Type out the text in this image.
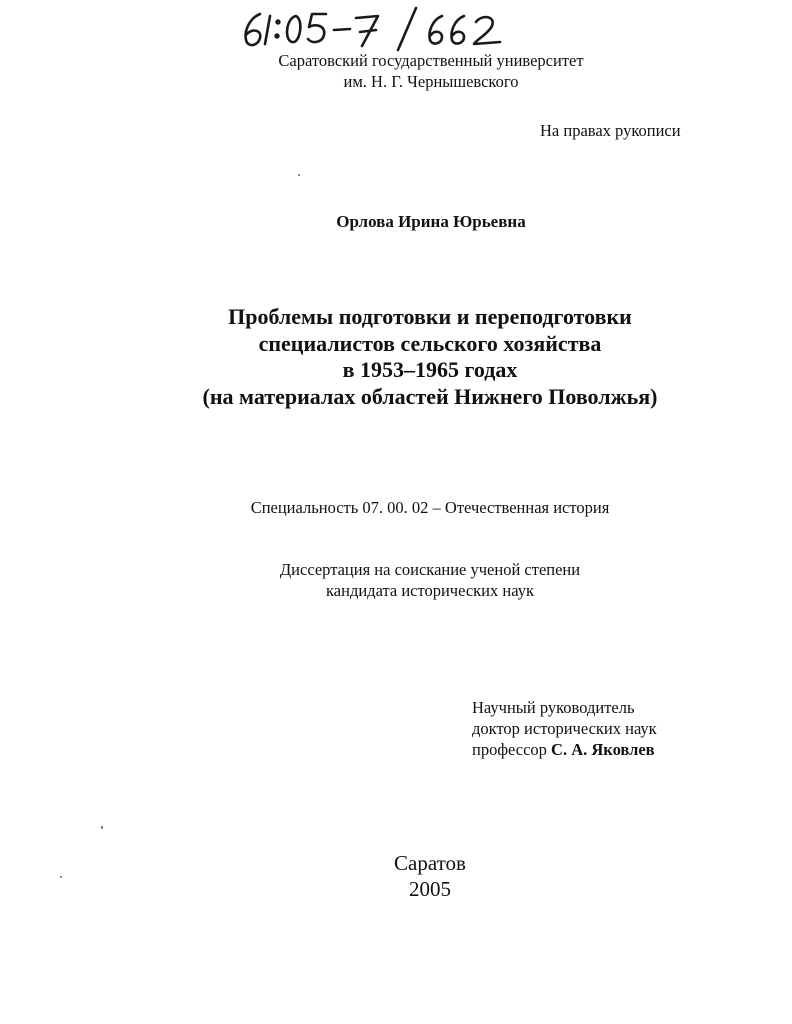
Саратовский государственный университет
им. Н. Г. Чернышевского
На правах рукописи
Орлова Ирина Юрьевна
Проблемы подготовки и переподготовки
специалистов сельского хозяйства
в 1953–1965 годах
(на материалах областей Нижнего Поволжья)
Специальность 07. 00. 02 – Отечественная история
Диссертация на соискание ученой степени
кандидата исторических наук
Научный руководитель
доктор исторических наук
профессор С. А. Яковлев
Саратов
2005
